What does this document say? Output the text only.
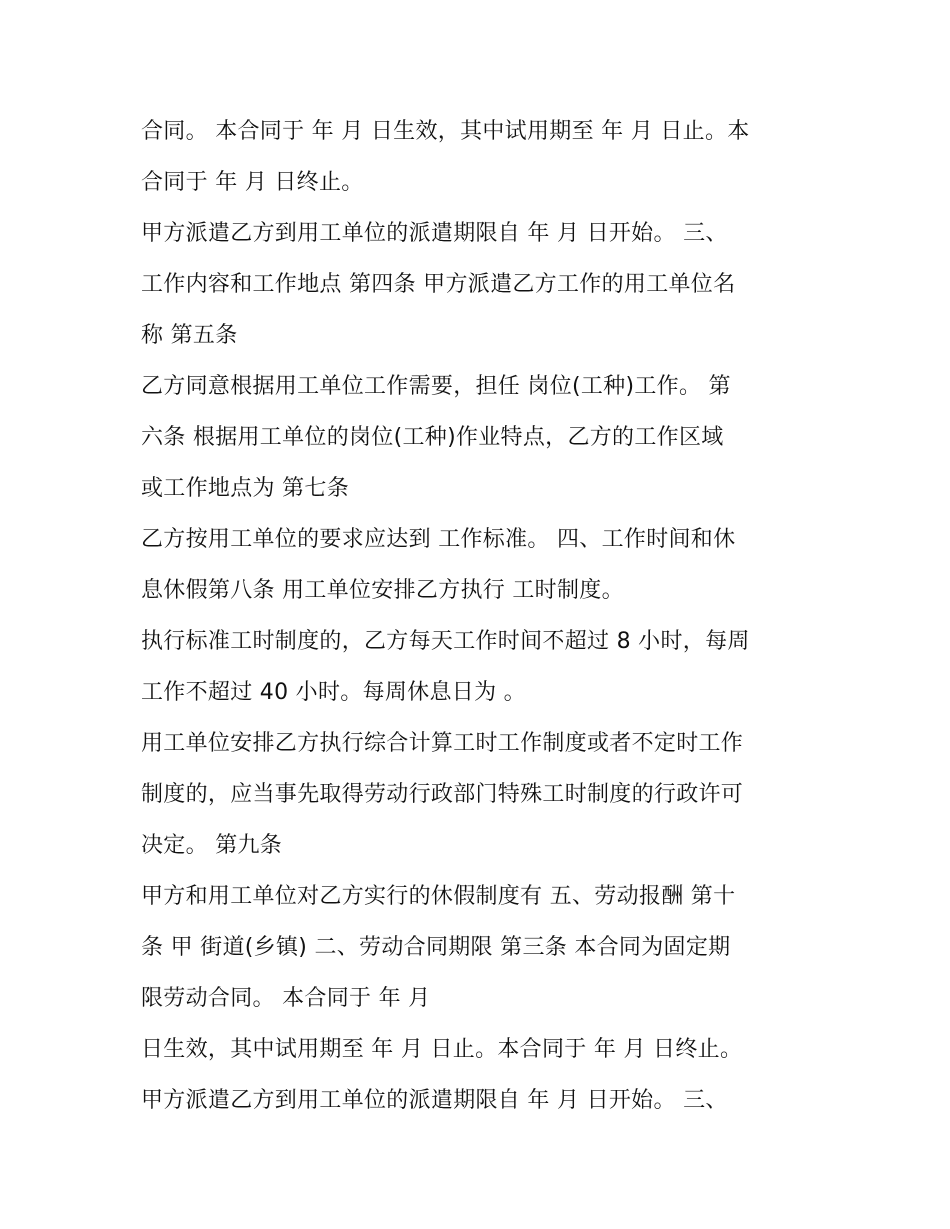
合同。 本合同于 年 月 日生效，其中试用期至 年 月 日止。本

合同于 年 月 日终止。

甲方派遣乙方到用工单位的派遣期限自 年 月 日开始。 三、

工作内容和工作地点 第四条 甲方派遣乙方工作的用工单位名

称 第五条

乙方同意根据用工单位工作需要，担任 岗位(工种)工作。 第

六条 根据用工单位的岗位(工种)作业特点，乙方的工作区域

或工作地点为 第七条

乙方按用工单位的要求应达到 工作标准。 四、工作时间和休

息休假第八条 用工单位安排乙方执行 工时制度。

执行标准工时制度的，乙方每天工作时间不超过 8 小时，每周

工作不超过 40 小时。每周休息日为 。

用工单位安排乙方执行综合计算工时工作制度或者不定时工作

制度的，应当事先取得劳动行政部门特殊工时制度的行政许可

决定。 第九条

甲方和用工单位对乙方实行的休假制度有 五、劳动报酬 第十

条 甲 街道(乡镇) 二、劳动合同期限 第三条 本合同为固定期

限劳动合同。 本合同于 年 月

日生效，其中试用期至 年 月 日止。本合同于 年 月 日终止。

甲方派遣乙方到用工单位的派遣期限自 年 月 日开始。 三、
